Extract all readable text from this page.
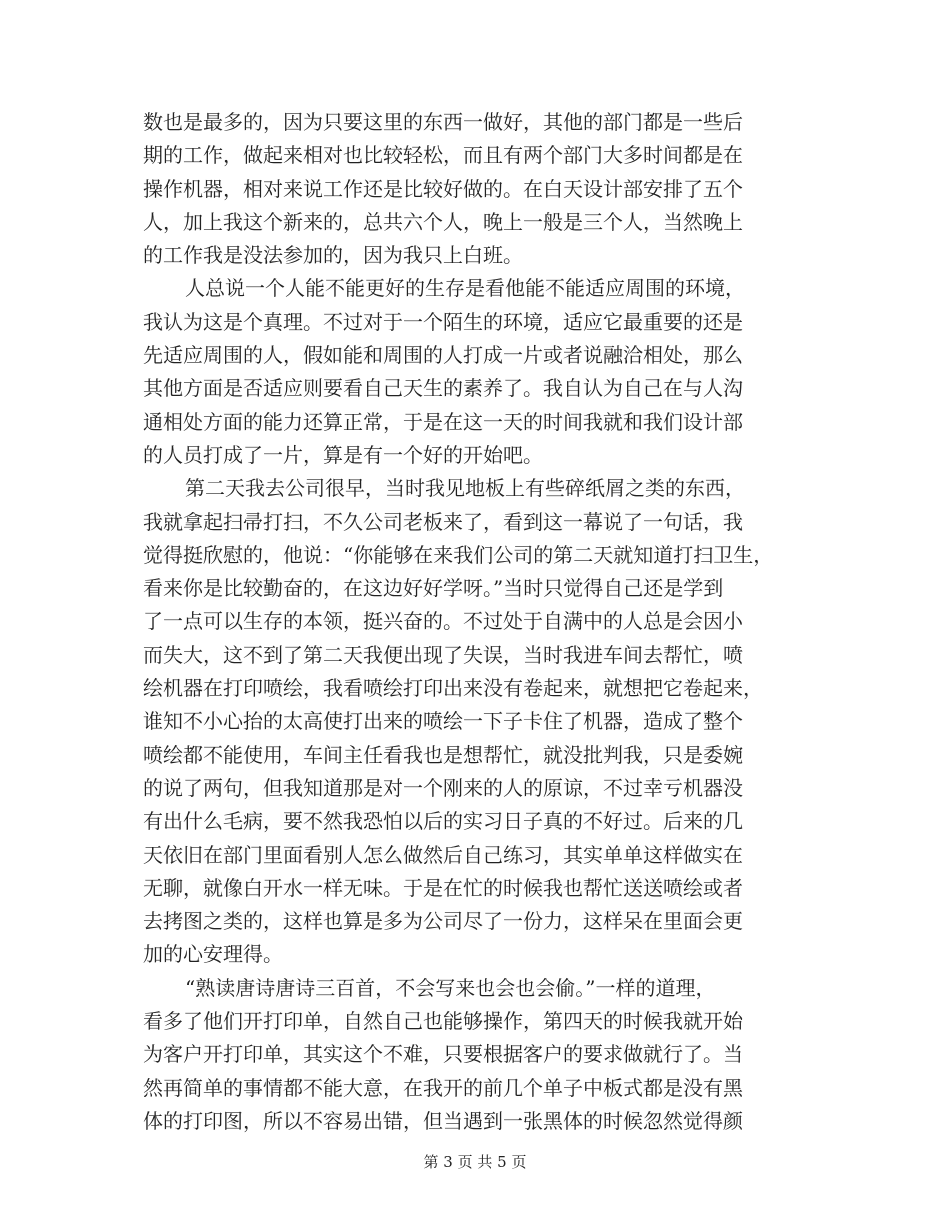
数也是最多的，因为只要这里的东西一做好，其他的部门都是一些后
期的工作，做起来相对也比较轻松，而且有两个部门大多时间都是在
操作机器，相对来说工作还是比较好做的。在白天设计部安排了五个
人，加上我这个新来的，总共六个人，晚上一般是三个人，当然晚上
的工作我是没法参加的，因为我只上白班。
人总说一个人能不能更好的生存是看他能不能适应周围的环境，
我认为这是个真理。不过对于一个陌生的环境，适应它最重要的还是
先适应周围的人，假如能和周围的人打成一片或者说融洽相处，那么
其他方面是否适应则要看自己天生的素养了。我自认为自己在与人沟
通相处方面的能力还算正常，于是在这一天的时间我就和我们设计部
的人员打成了一片，算是有一个好的开始吧。
第二天我去公司很早，当时我见地板上有些碎纸屑之类的东西，
我就拿起扫帚打扫，不久公司老板来了，看到这一幕说了一句话，我
觉得挺欣慰的，他说：“你能够在来我们公司的第二天就知道打扫卫生，
看来你是比较勤奋的，在这边好好学呀。”当时只觉得自己还是学到
了一点可以生存的本领，挺兴奋的。不过处于自满中的人总是会因小
而失大，这不到了第二天我便出现了失误，当时我进车间去帮忙，喷
绘机器在打印喷绘，我看喷绘打印出来没有卷起来，就想把它卷起来，
谁知不小心抬的太高使打出来的喷绘一下子卡住了机器，造成了整个
喷绘都不能使用，车间主任看我也是想帮忙，就没批判我，只是委婉
的说了两句，但我知道那是对一个刚来的人的原谅，不过幸亏机器没
有出什么毛病，要不然我恐怕以后的实习日子真的不好过。后来的几
天依旧在部门里面看别人怎么做然后自己练习，其实单单这样做实在
无聊，就像白开水一样无味。于是在忙的时候我也帮忙送送喷绘或者
去拷图之类的，这样也算是多为公司尽了一份力，这样呆在里面会更
加的心安理得。
“熟读唐诗唐诗三百首，不会写来也会也会偷。”一样的道理，
看多了他们开打印单，自然自己也能够操作，第四天的时候我就开始
为客户开打印单，其实这个不难，只要根据客户的要求做就行了。当
然再简单的事情都不能大意，在我开的前几个单子中板式都是没有黑
体的打印图，所以不容易出错，但当遇到一张黑体的时候忽然觉得颜
第 3 页 共 5 页
